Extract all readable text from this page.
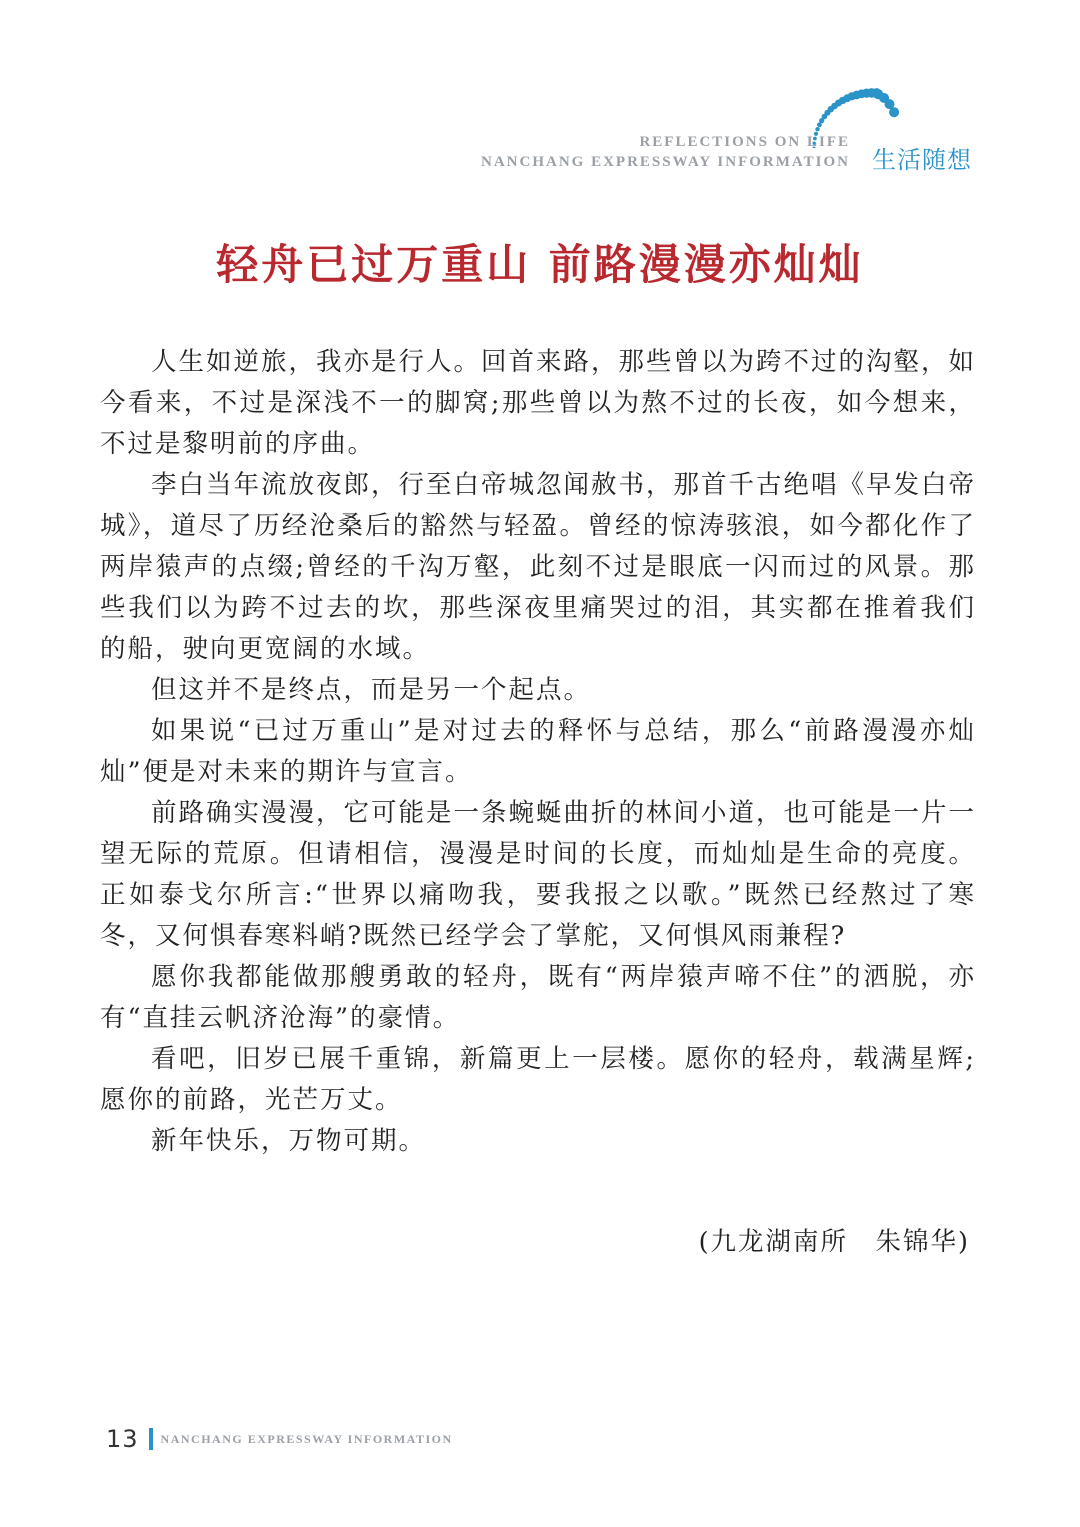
REFLECTIONS ON LIFE
NANCHANG EXPRESSWAY INFORMATION 生活随想
轻舟已过万重山 前路漫漫亦灿灿

人生如逆旅，我亦是行人。回首来路，那些曾以为跨不过的沟壑，如今看来，不过是深浅不一的脚窝;那些曾以为熬不过的长夜，如今想来，不过是黎明前的序曲。

李白当年流放夜郎，行至白帝城忽闻赦书，那首千古绝唱《早发白帝城》，道尽了历经沧桑后的豁然与轻盈。曾经的惊涛骇浪，如今都化作了两岸猿声的点缀;曾经的千沟万壑，此刻不过是眼底一闪而过的风景。那些我们以为跨不过去的坎，那些深夜里痛哭过的泪，其实都在推着我们的船，驶向更宽阔的水域。

但这并不是终点，而是另一个起点。

如果说“已过万重山”是对过去的释怀与总结，那么“前路漫漫亦灿灿”便是对未来的期许与宣言。

前路确实漫漫，它可能是一条蜿蜒曲折的林间小道，也可能是一片一望无际的荒原。但请相信，漫漫是时间的长度，而灿灿是生命的亮度。正如泰戈尔所言:“世界以痛吻我，要我报之以歌。”既然已经熬过了寒冬，又何惧春寒料峭?既然已经学会了掌舵，又何惧风雨兼程?

愿你我都能做那艘勇敢的轻舟，既有“两岸猿声啼不住”的洒脱，亦有“直挂云帆济沧海”的豪情。

看吧，旧岁已展千重锦，新篇更上一层楼。愿你的轻舟，载满星辉;愿你的前路，光芒万丈。

新年快乐，万物可期。

(九龙湖南所　朱锦华)
13 NANCHANG EXPRESSWAY INFORMATION
